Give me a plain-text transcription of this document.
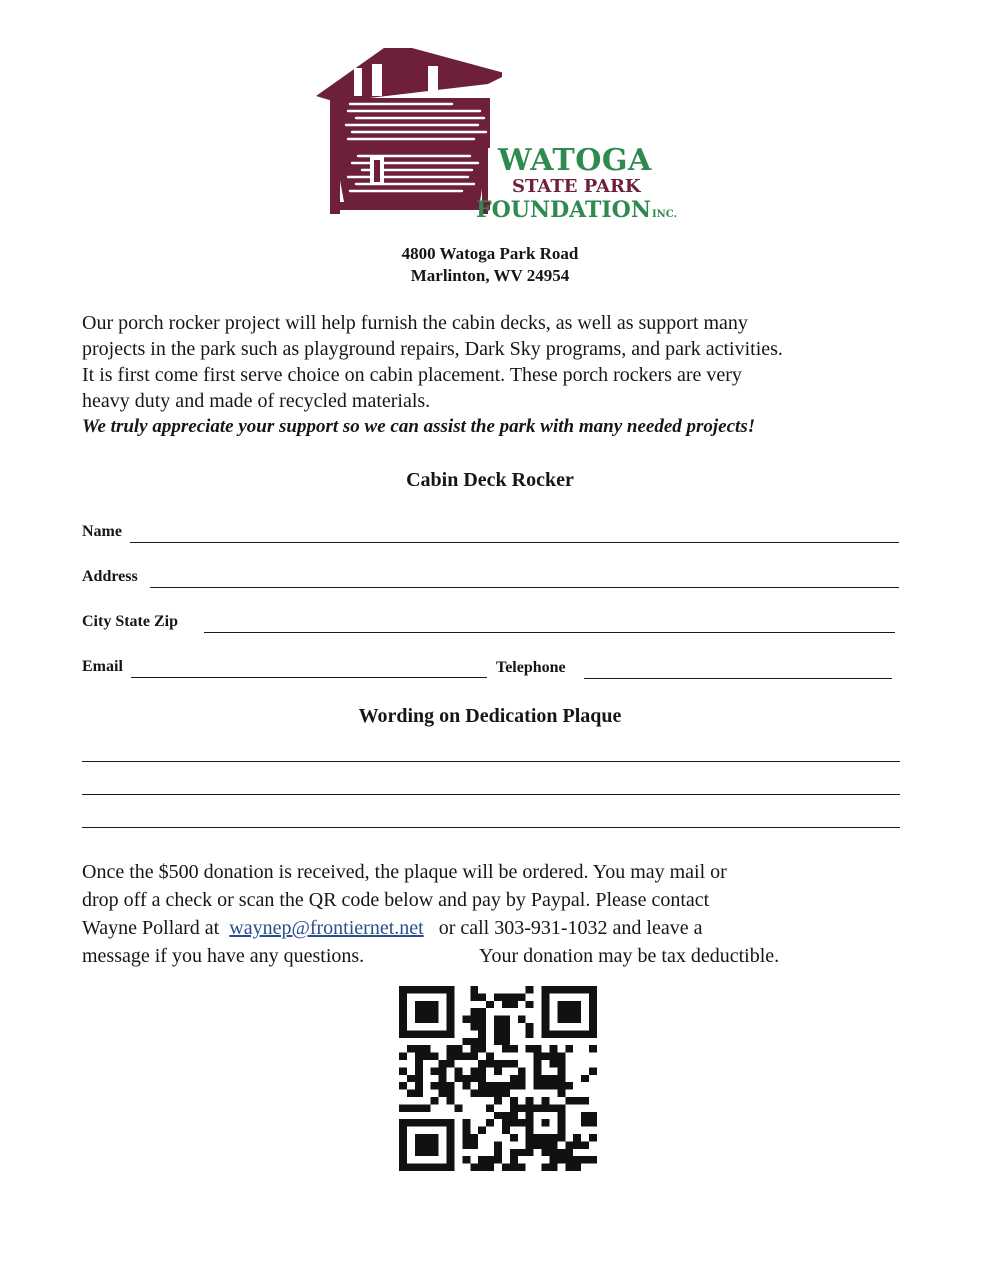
WATOGA
STATE PARK
FOUNDATIONINC.
4800 Watoga Park Road
Marlinton, WV 24954
Our porch rocker project will help furnish the cabin decks, as well as support many
projects in the park such as playground repairs, Dark Sky programs, and park activities.
It is first come first serve choice on cabin placement. These porch rockers are very
heavy duty and made of recycled materials.
We truly appreciate your support so we can assist the park with many needed projects!
Cabin Deck Rocker
Name
Address
City State Zip
Email	Telephone
Wording on Dedication Plaque
Once the $500 donation is received, the plaque will be ordered. You may mail or
drop off a check or scan the QR code below and pay by Paypal. Please contact
Wayne Pollard at  waynep@frontiernet.net   or call 303-931-1032 and leave a
message if you have any questions.	Your donation may be tax deductible.
